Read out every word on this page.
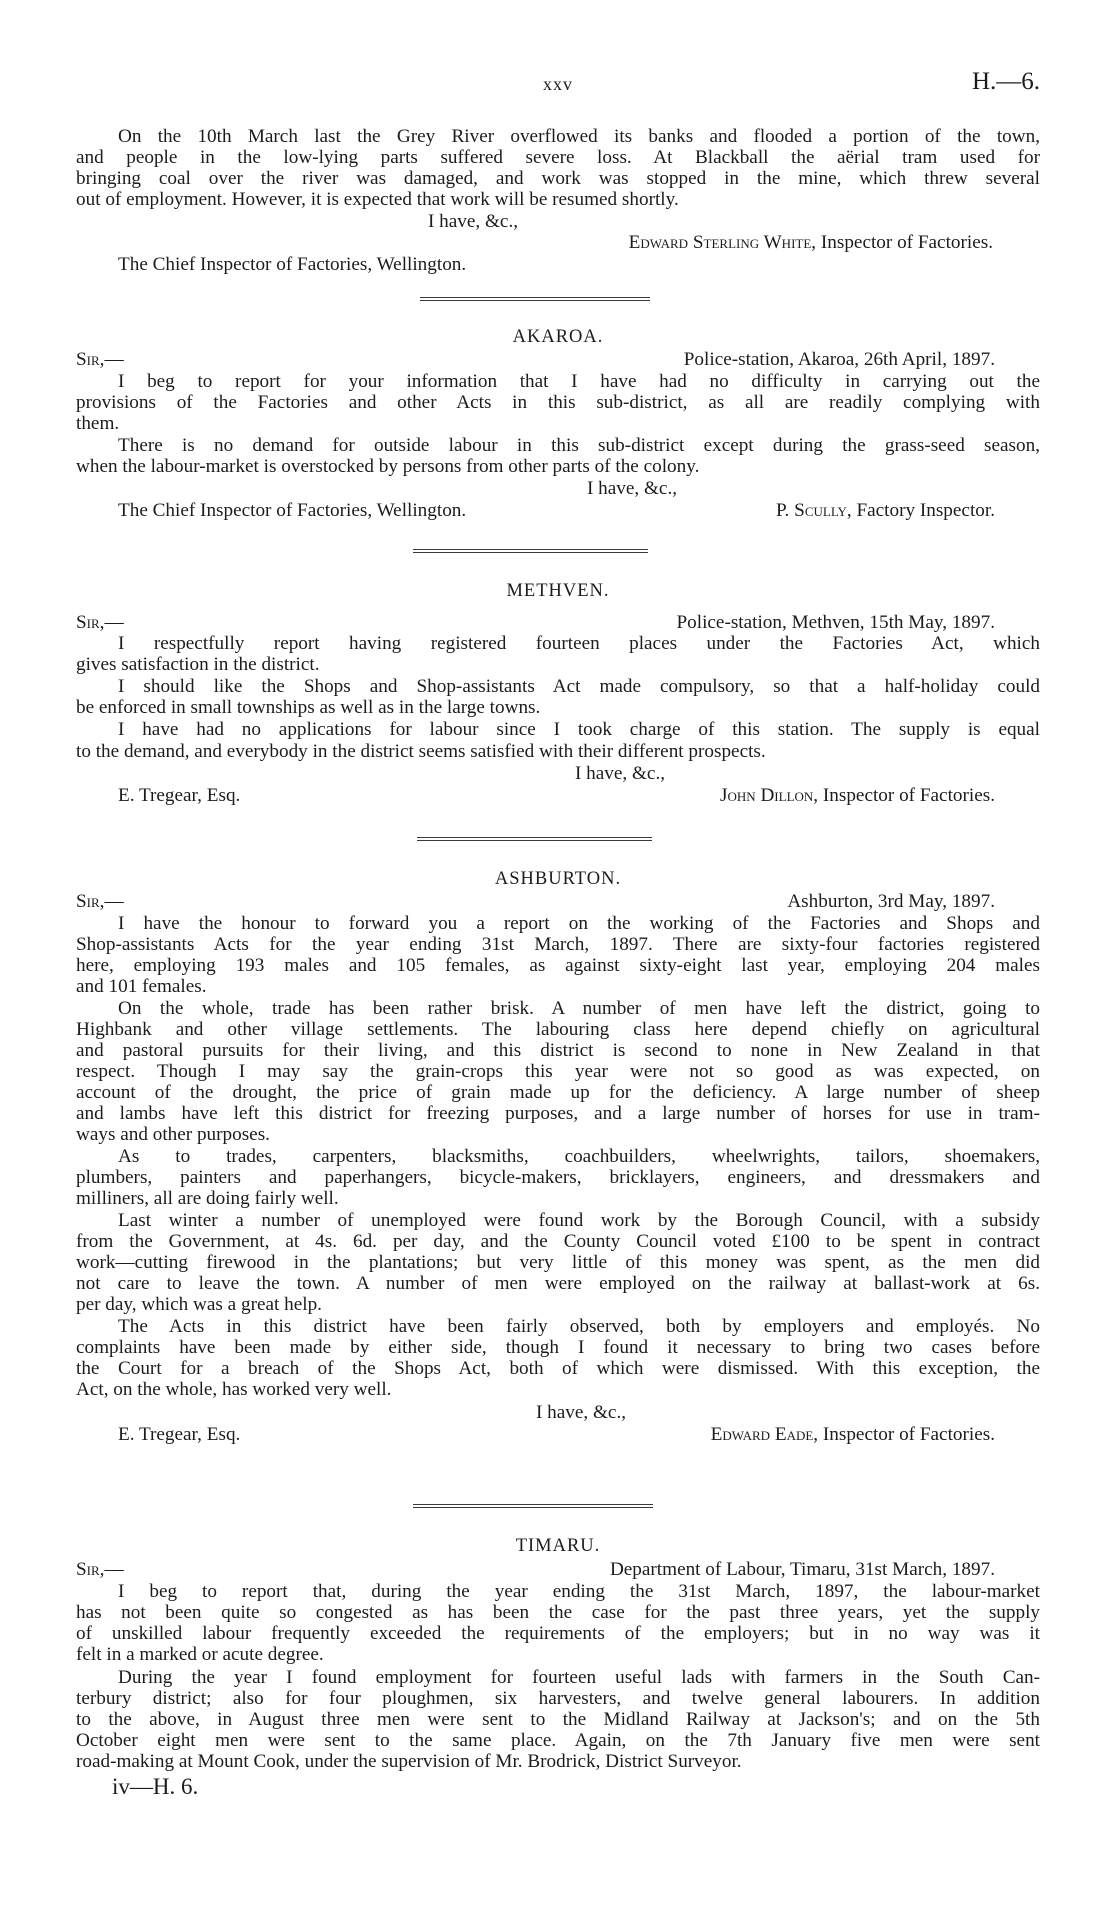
xxv	H.—6.
On the 10th March last the Grey River overflowed its banks and flooded a portion of the town,
and people in the low-lying parts suffered severe loss. At Blackball the aërial tram used for
bringing coal over the river was damaged, and work was stopped in the mine, which threw several
out of employment. However, it is expected that work will be resumed shortly.
I have, &c.,
Edward Sterling White, Inspector of Factories.
The Chief Inspector of Factories, Wellington.
AKAROA.
Sir,—	Police-station, Akaroa, 26th April, 1897.
I beg to report for your information that I have had no difficulty in carrying out the
provisions of the Factories and other Acts in this sub-district, as all are readily complying with
them.
There is no demand for outside labour in this sub-district except during the grass-seed season,
when the labour-market is overstocked by persons from other parts of the colony.
I have, &c.,
The Chief Inspector of Factories, Wellington.	P. Scully, Factory Inspector.
METHVEN.
Sir,—	Police-station, Methven, 15th May, 1897.
I respectfully report having registered fourteen places under the Factories Act, which
gives satisfaction in the district.
I should like the Shops and Shop-assistants Act made compulsory, so that a half-holiday could
be enforced in small townships as well as in the large towns.
I have had no applications for labour since I took charge of this station. The supply is equal
to the demand, and everybody in the district seems satisfied with their different prospects.
I have, &c.,
E. Tregear, Esq.	John Dillon, Inspector of Factories.
ASHBURTON.
Sir,—	Ashburton, 3rd May, 1897.
I have the honour to forward you a report on the working of the Factories and Shops and
Shop-assistants Acts for the year ending 31st March, 1897. There are sixty-four factories registered
here, employing 193 males and 105 females, as against sixty-eight last year, employing 204 males
and 101 females.
On the whole, trade has been rather brisk. A number of men have left the district, going to
Highbank and other village settlements. The labouring class here depend chiefly on agricultural
and pastoral pursuits for their living, and this district is second to none in New Zealand in that
respect. Though I may say the grain-crops this year were not so good as was expected, on
account of the drought, the price of grain made up for the deficiency. A large number of sheep
and lambs have left this district for freezing purposes, and a large number of horses for use in tram-
ways and other purposes.
As to trades, carpenters, blacksmiths, coachbuilders, wheelwrights, tailors, shoemakers,
plumbers, painters and paperhangers, bicycle-makers, bricklayers, engineers, and dressmakers and
milliners, all are doing fairly well.
Last winter a number of unemployed were found work by the Borough Council, with a subsidy
from the Government, at 4s. 6d. per day, and the County Council voted £100 to be spent in contract
work—cutting firewood in the plantations; but very little of this money was spent, as the men did
not care to leave the town. A number of men were employed on the railway at ballast-work at 6s.
per day, which was a great help.
The Acts in this district have been fairly observed, both by employers and employés. No
complaints have been made by either side, though I found it necessary to bring two cases before
the Court for a breach of the Shops Act, both of which were dismissed. With this exception, the
Act, on the whole, has worked very well.
I have, &c.,
E. Tregear, Esq.	Edward Eade, Inspector of Factories.
TIMARU.
Sir,—	Department of Labour, Timaru, 31st March, 1897.
I beg to report that, during the year ending the 31st March, 1897, the labour-market
has not been quite so congested as has been the case for the past three years, yet the supply
of unskilled labour frequently exceeded the requirements of the employers; but in no way was it
felt in a marked or acute degree.
During the year I found employment for fourteen useful lads with farmers in the South Can-
terbury district; also for four ploughmen, six harvesters, and twelve general labourers. In addition
to the above, in August three men were sent to the Midland Railway at Jackson's; and on the 5th
October eight men were sent to the same place. Again, on the 7th January five men were sent
road-making at Mount Cook, under the supervision of Mr. Brodrick, District Surveyor.
iv—H. 6.
